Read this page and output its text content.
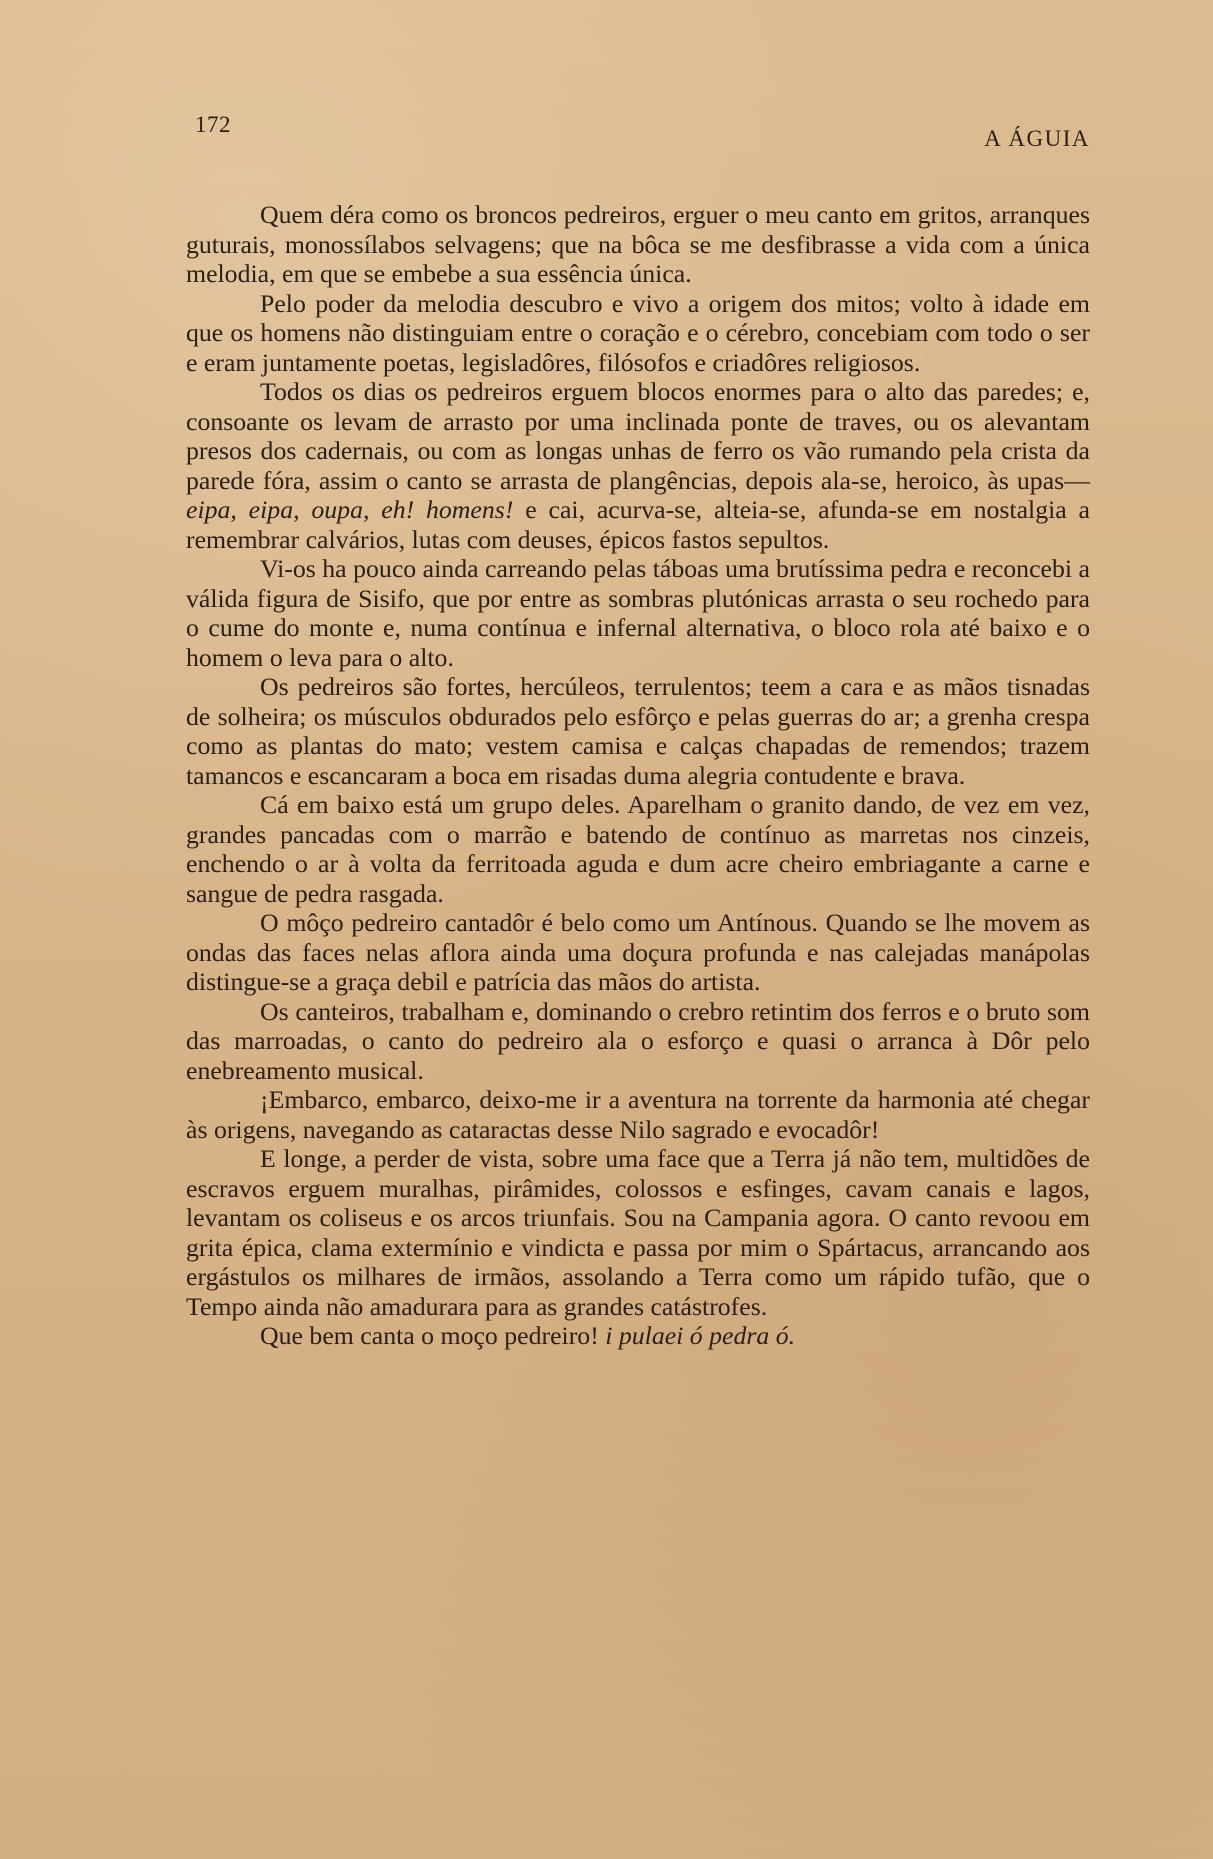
172
A ÁGUIA

Quem déra como os broncos pedreiros, erguer o meu canto em gritos, arranques guturais, monossílabos selvagens; que na bôca se me desfibrasse a vida com a única melodia, em que se embebe a sua essência única.

Pelo poder da melodia descubro e vivo a origem dos mitos; volto à idade em que os homens não distinguiam entre o coração e o cérebro, concebiam com todo o ser e eram juntamente poetas, legisladôres, filósofos e criadôres religiosos.

Todos os dias os pedreiros erguem blocos enormes para o alto das paredes; e, consoante os levam de arrasto por uma inclinada ponte de traves, ou os alevantam presos dos cadernais, ou com as longas unhas de ferro os vão rumando pela crista da parede fóra, assim o canto se arrasta de plangências, depois ala-se, heroico, às upas—eipa, eipa, oupa, eh! homens! e cai, acurva-se, alteia-se, afunda-se em nostalgia a remembrar calvários, lutas com deuses, épicos fastos sepultos.

Vi-os ha pouco ainda carreando pelas táboas uma brutíssima pedra e reconcebi a válida figura de Sisifo, que por entre as sombras plutónicas arrasta o seu rochedo para o cume do monte e, numa contínua e infernal alternativa, o bloco rola até baixo e o homem o leva para o alto.

Os pedreiros são fortes, hercúleos, terrulentos; teem a cara e as mãos tisnadas de solheira; os músculos obdurados pelo esfôrço e pelas guerras do ar; a grenha crespa como as plantas do mato; vestem camisa e calças chapadas de remendos; trazem tamancos e escancaram a boca em risadas duma alegria contudente e brava.

Cá em baixo está um grupo deles. Aparelham o granito dando, de vez em vez, grandes pancadas com o marrão e batendo de contínuo as marretas nos cinzeis, enchendo o ar à volta da ferritoada aguda e dum acre cheiro embriagante a carne e sangue de pedra rasgada.

O môço pedreiro cantadôr é belo como um Antínous. Quando se lhe movem as ondas das faces nelas aflora ainda uma doçura profunda e nas calejadas manápolas distingue-se a graça debil e patrícia das mãos do artista.

Os canteiros, trabalham e, dominando o crebro retintim dos ferros e o bruto som das marroadas, o canto do pedreiro ala o esforço e quasi o arranca à Dôr pelo enebreamento musical.

¡Embarco, embarco, deixo-me ir a aventura na torrente da harmonia até chegar às origens, navegando as cataractas desse Nilo sagrado e evocadôr!

E longe, a perder de vista, sobre uma face que a Terra já não tem, multidões de escravos erguem muralhas, pirâmides, colossos e esfinges, cavam canais e lagos, levantam os coliseus e os arcos triunfais. Sou na Campania agora. O canto revoou em grita épica, clama extermínio e vindicta e passa por mim o Spártacus, arrancando aos ergástulos os milhares de irmãos, assolando a Terra como um rápido tufão, que o Tempo ainda não amadurara para as grandes catástrofes.

Que bem canta o moço pedreiro! i pulaei ó pedra ó.
